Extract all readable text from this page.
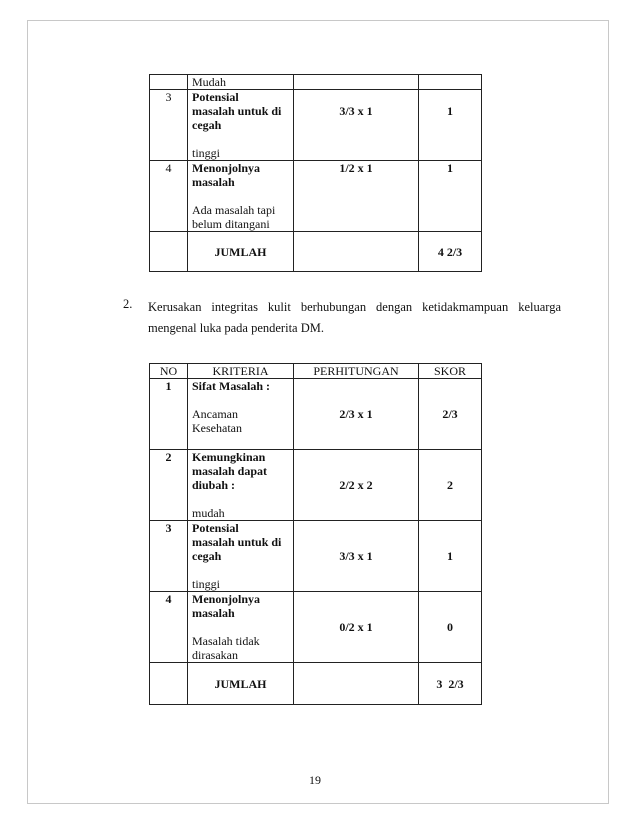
	Mudah		
3	Potensial
masalah untuk di
cegah
tinggi	3/3 x 1	1
4	Menonjolnya
masalah
Ada masalah tapi
belum ditangani	1/2 x 1	1
	JUMLAH		4 2/3
2. Kerusakan integritas kulit berhubungan dengan ketidakmampuan keluarga mengenal luka pada penderita DM.
NO	KRITERIA	PERHITUNGAN	SKOR
1	Sifat Masalah :
Ancaman
Kesehatan	2/3 x 1	2/3
2	Kemungkinan
masalah dapat
diubah :
mudah	2/2 x 2	2
3	Potensial
masalah untuk di
cegah
tinggi	3/3 x 1	1
4	Menonjolnya
masalah
Masalah tidak
dirasakan	0/2 x 1	0
	JUMLAH		3  2/3
19
